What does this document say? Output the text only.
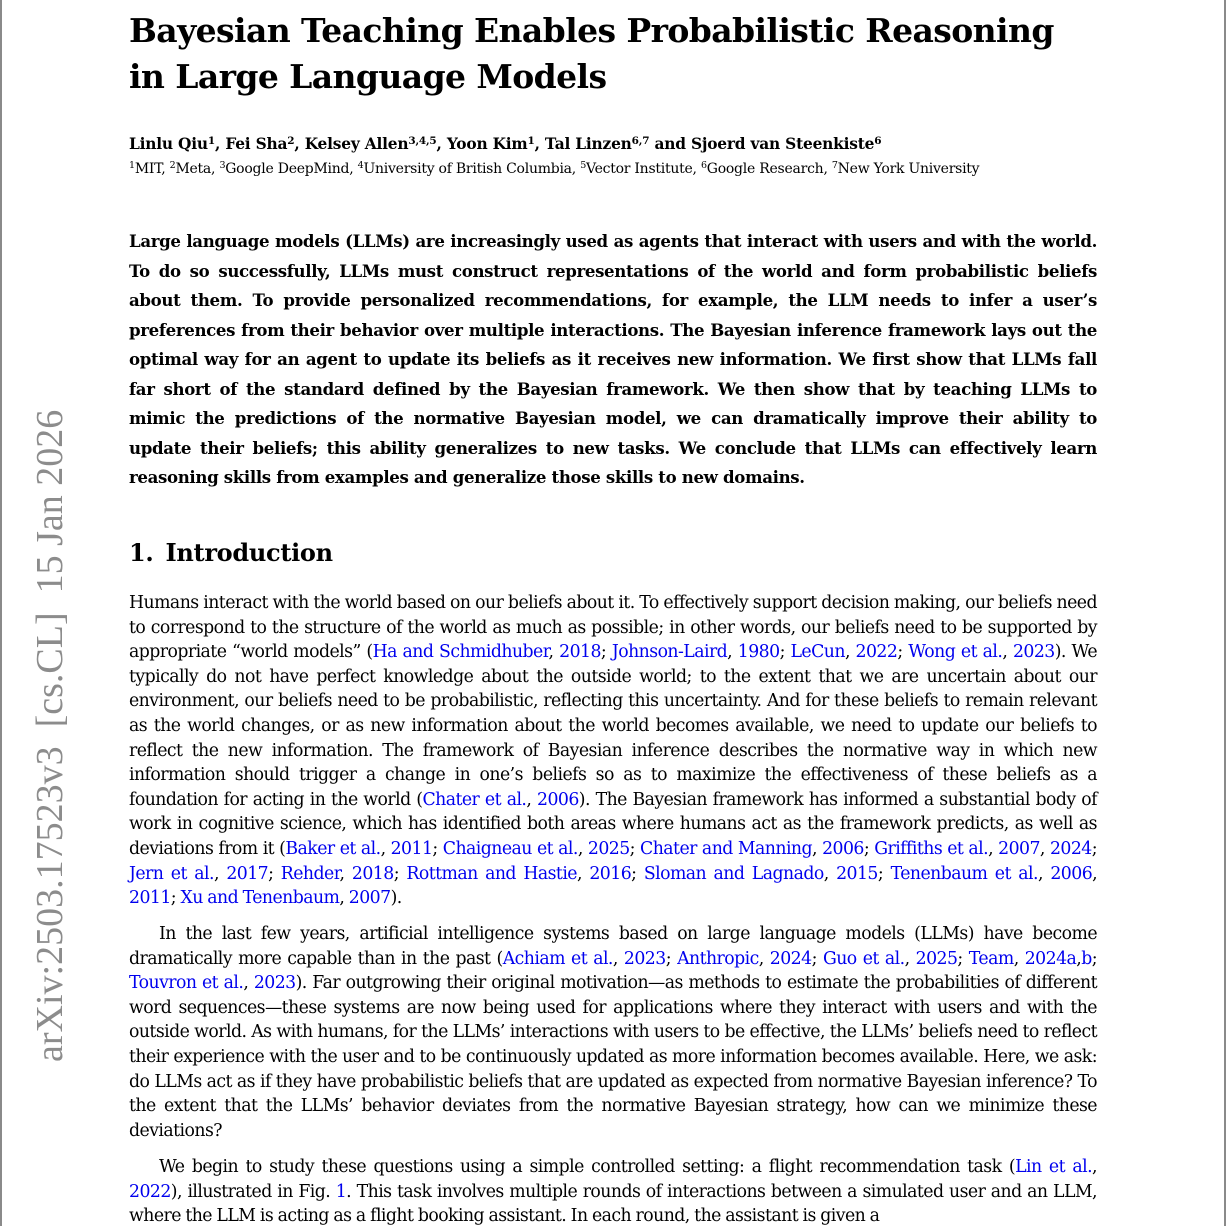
arXiv:2503.17523v3  [cs.CL]  15 Jan 2026
Bayesian Teaching Enables Probabilistic Reasoning in Large Language Models
Linlu Qiu$^1$, Fei Sha$^2$, Kelsey Allen$^{3,4,5}$, Yoon Kim$^1$, Tal Linzen$^{6,7}$ and Sjoerd van Steenkiste$^6$
$^1$MIT, $^2$Meta, $^3$Google DeepMind, $^4$University of British Columbia, $^5$Vector Institute, $^6$Google Research, $^7$New York University
Large language models (LLMs) are increasingly used as agents that interact with users and with the world. To do so successfully, LLMs must construct representations of the world and form probabilistic beliefs about them. To provide personalized recommendations, for example, the LLM needs to infer a user’s preferences from their behavior over multiple interactions. The Bayesian inference framework lays out the optimal way for an agent to update its beliefs as it receives new information. We first show that LLMs fall far short of the standard defined by the Bayesian framework. We then show that by teaching LLMs to mimic the predictions of the normative Bayesian model, we can dramatically improve their ability to update their beliefs; this ability generalizes to new tasks. We conclude that LLMs can effectively learn reasoning skills from examples and generalize those skills to new domains.
1. Introduction
Humans interact with the world based on our beliefs about it. To effectively support decision making, our beliefs need to correspond to the structure of the world as much as possible; in other words, our beliefs need to be supported by appropriate “world models” (Ha and Schmidhuber, 2018; Johnson-Laird, 1980; LeCun, 2022; Wong et al., 2023). We typically do not have perfect knowledge about the outside world; to the extent that we are uncertain about our environment, our beliefs need to be probabilistic, reflecting this uncertainty. And for these beliefs to remain relevant as the world changes, or as new information about the world becomes available, we need to update our beliefs to reflect the new information. The framework of Bayesian inference describes the normative way in which new information should trigger a change in one’s beliefs so as to maximize the effectiveness of these beliefs as a foundation for acting in the world (Chater et al., 2006). The Bayesian framework has informed a substantial body of work in cognitive science, which has identified both areas where humans act as the framework predicts, as well as deviations from it (Baker et al., 2011; Chaigneau et al., 2025; Chater and Manning, 2006; Griffiths et al., 2007, 2024; Jern et al., 2017; Rehder, 2018; Rottman and Hastie, 2016; Sloman and Lagnado, 2015; Tenenbaum et al., 2006, 2011; Xu and Tenenbaum, 2007).
In the last few years, artificial intelligence systems based on large language models (LLMs) have become dramatically more capable than in the past (Achiam et al., 2023; Anthropic, 2024; Guo et al., 2025; Team, 2024a,b; Touvron et al., 2023). Far outgrowing their original motivation—as methods to estimate the probabilities of different word sequences—these systems are now being used for applications where they interact with users and with the outside world. As with humans, for the LLMs’ interactions with users to be effective, the LLMs’ beliefs need to reflect their experience with the user and to be continuously updated as more information becomes available. Here, we ask: do LLMs act as if they have probabilistic beliefs that are updated as expected from normative Bayesian inference? To the extent that the LLMs’ behavior deviates from the normative Bayesian strategy, how can we minimize these deviations?
We begin to study these questions using a simple controlled setting: a flight recommendation task (Lin et al., 2022), illustrated in Fig. 1. This task involves multiple rounds of interactions between a simulated user and an LLM, where the LLM is acting as a flight booking assistant. In each round, the assistant is given a
